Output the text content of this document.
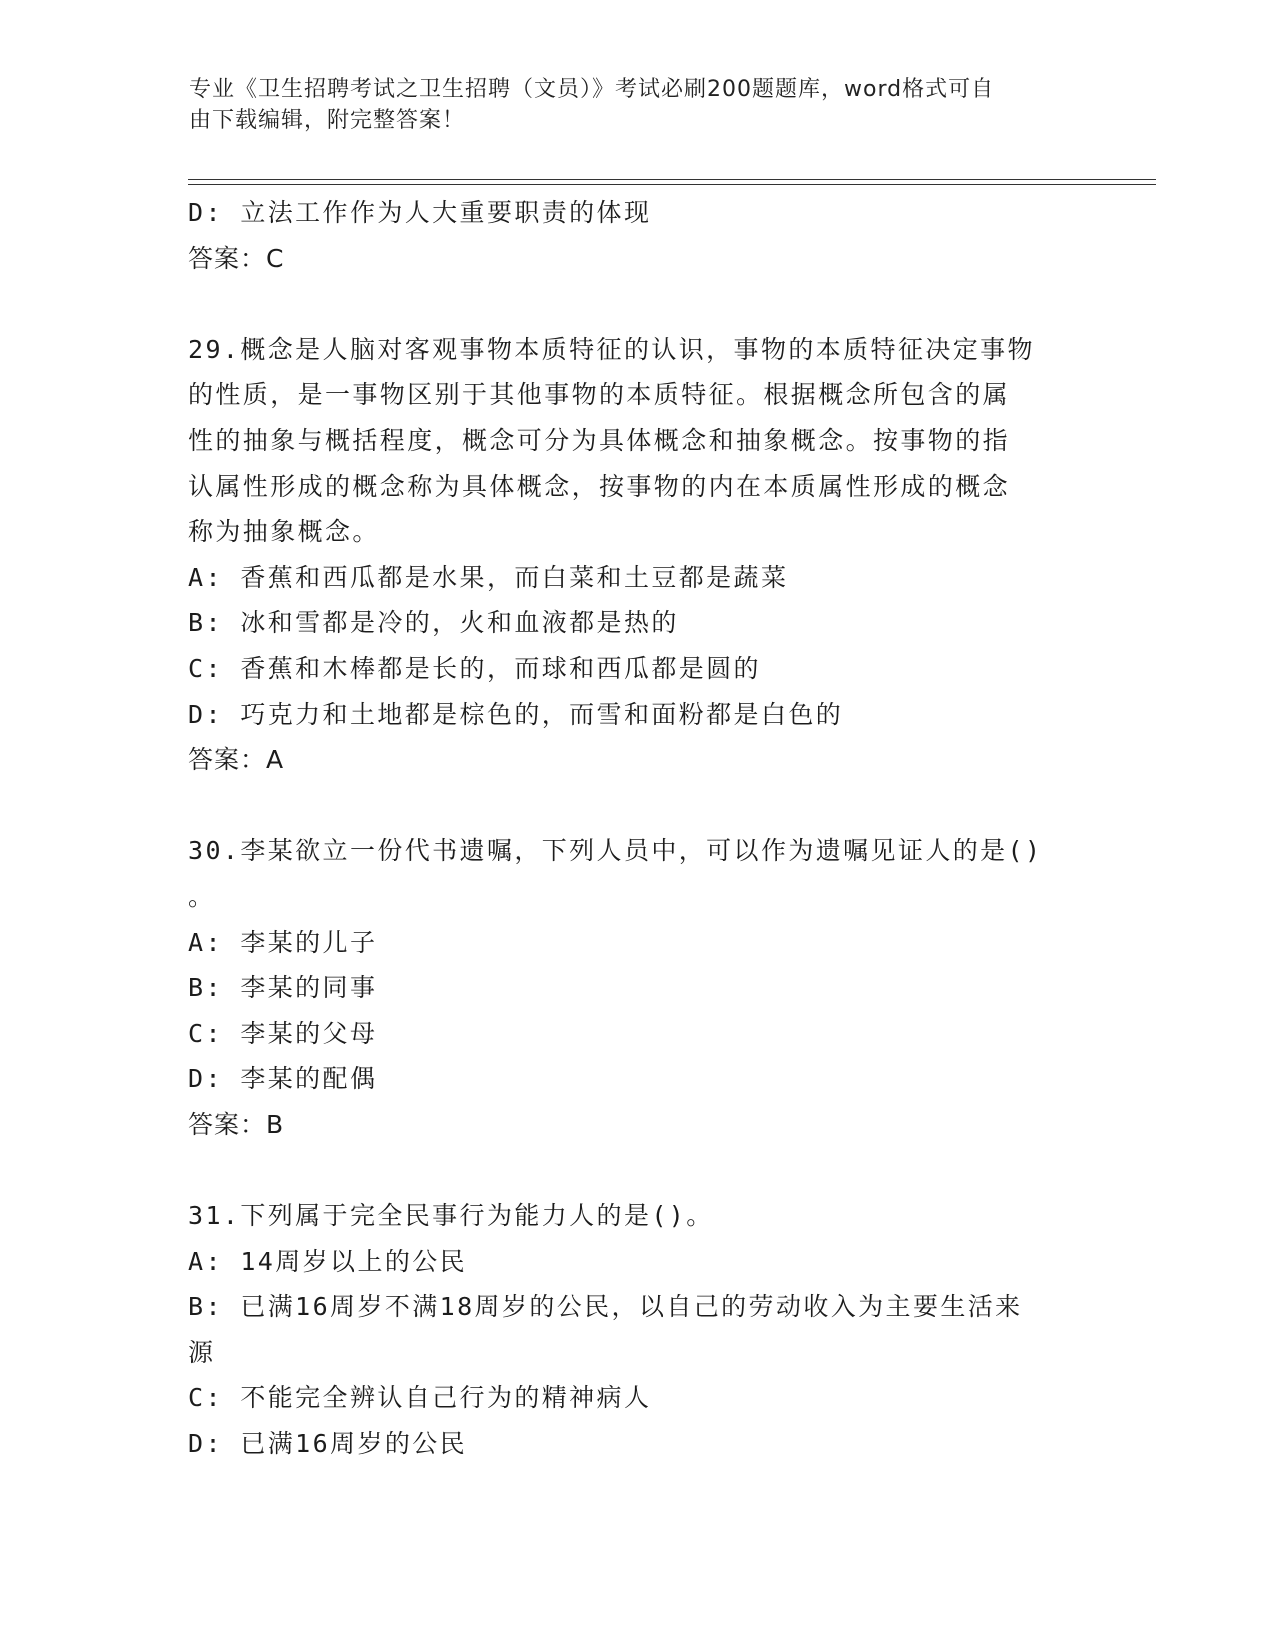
专业《卫生招聘考试之卫生招聘（文员）》考试必刷200题题库，word格式可自
由下载编辑，附完整答案！
D: 立法工作作为人大重要职责的体现
答案：C
29.概念是人脑对客观事物本质特征的认识，事物的本质特征决定事物
的性质，是一事物区别于其他事物的本质特征。根据概念所包含的属
性的抽象与概括程度，概念可分为具体概念和抽象概念。按事物的指
认属性形成的概念称为具体概念，按事物的内在本质属性形成的概念
称为抽象概念。
A: 香蕉和西瓜都是水果，而白菜和土豆都是蔬菜
B: 冰和雪都是冷的，火和血液都是热的
C: 香蕉和木棒都是长的，而球和西瓜都是圆的
D: 巧克力和土地都是棕色的，而雪和面粉都是白色的
答案：A
30.李某欲立一份代书遗嘱，下列人员中，可以作为遗嘱见证人的是()
。
A: 李某的儿子
B: 李某的同事
C: 李某的父母
D: 李某的配偶
答案：B
31.下列属于完全民事行为能力人的是()。
A: 14周岁以上的公民
B: 已满16周岁不满18周岁的公民，以自己的劳动收入为主要生活来
源
C: 不能完全辨认自己行为的精神病人
D: 已满16周岁的公民
